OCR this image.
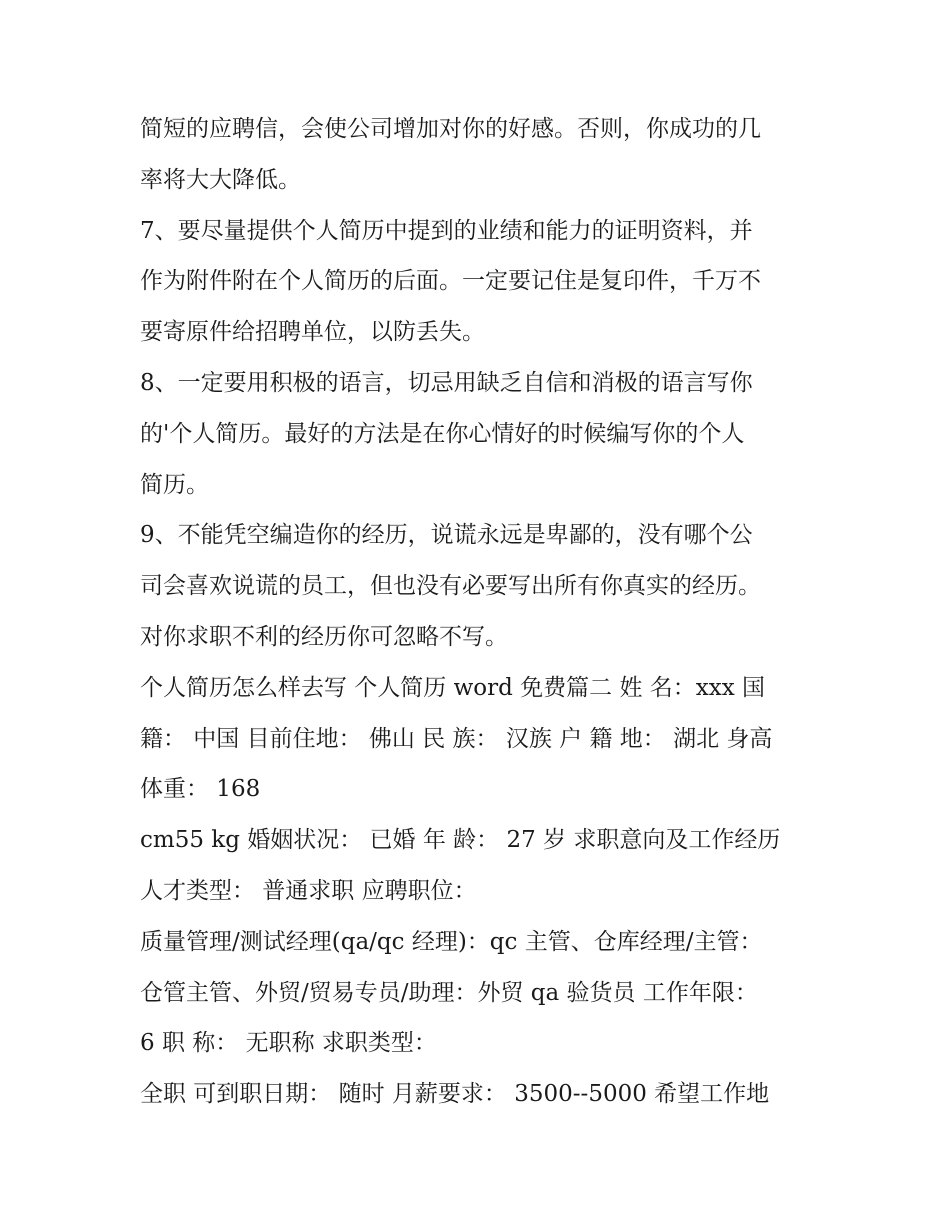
简短的应聘信，会使公司增加对你的好感。否则，你成功的几

率将大大降低。

7、要尽量提供个人简历中提到的业绩和能力的证明资料，并

作为附件附在个人简历的后面。一定要记住是复印件，千万不

要寄原件给招聘单位，以防丢失。

8、一定要用积极的语言，切忌用缺乏自信和消极的语言写你

的'个人简历。最好的方法是在你心情好的时候编写你的个人

简历。

9、不能凭空编造你的经历，说谎永远是卑鄙的，没有哪个公

司会喜欢说谎的员工，但也没有必要写出所有你真实的经历。

对你求职不利的经历你可忽略不写。

个人简历怎么样去写 个人简历 word 免费篇二 姓 名：xxx 国

籍： 中国 目前住地： 佛山 民 族： 汉族 户 籍 地： 湖北 身高

体重： 168

cm55 kg 婚姻状况： 已婚 年 龄： 27 岁 求职意向及工作经历

人才类型： 普通求职 应聘职位：

质量管理/测试经理(qa/qc 经理)：qc 主管、仓库经理/主管：

仓管主管、外贸/贸易专员/助理：外贸 qa 验货员 工作年限：

6 职 称： 无职称 求职类型：

全职 可到职日期： 随时 月薪要求： 3500--5000 希望工作地
